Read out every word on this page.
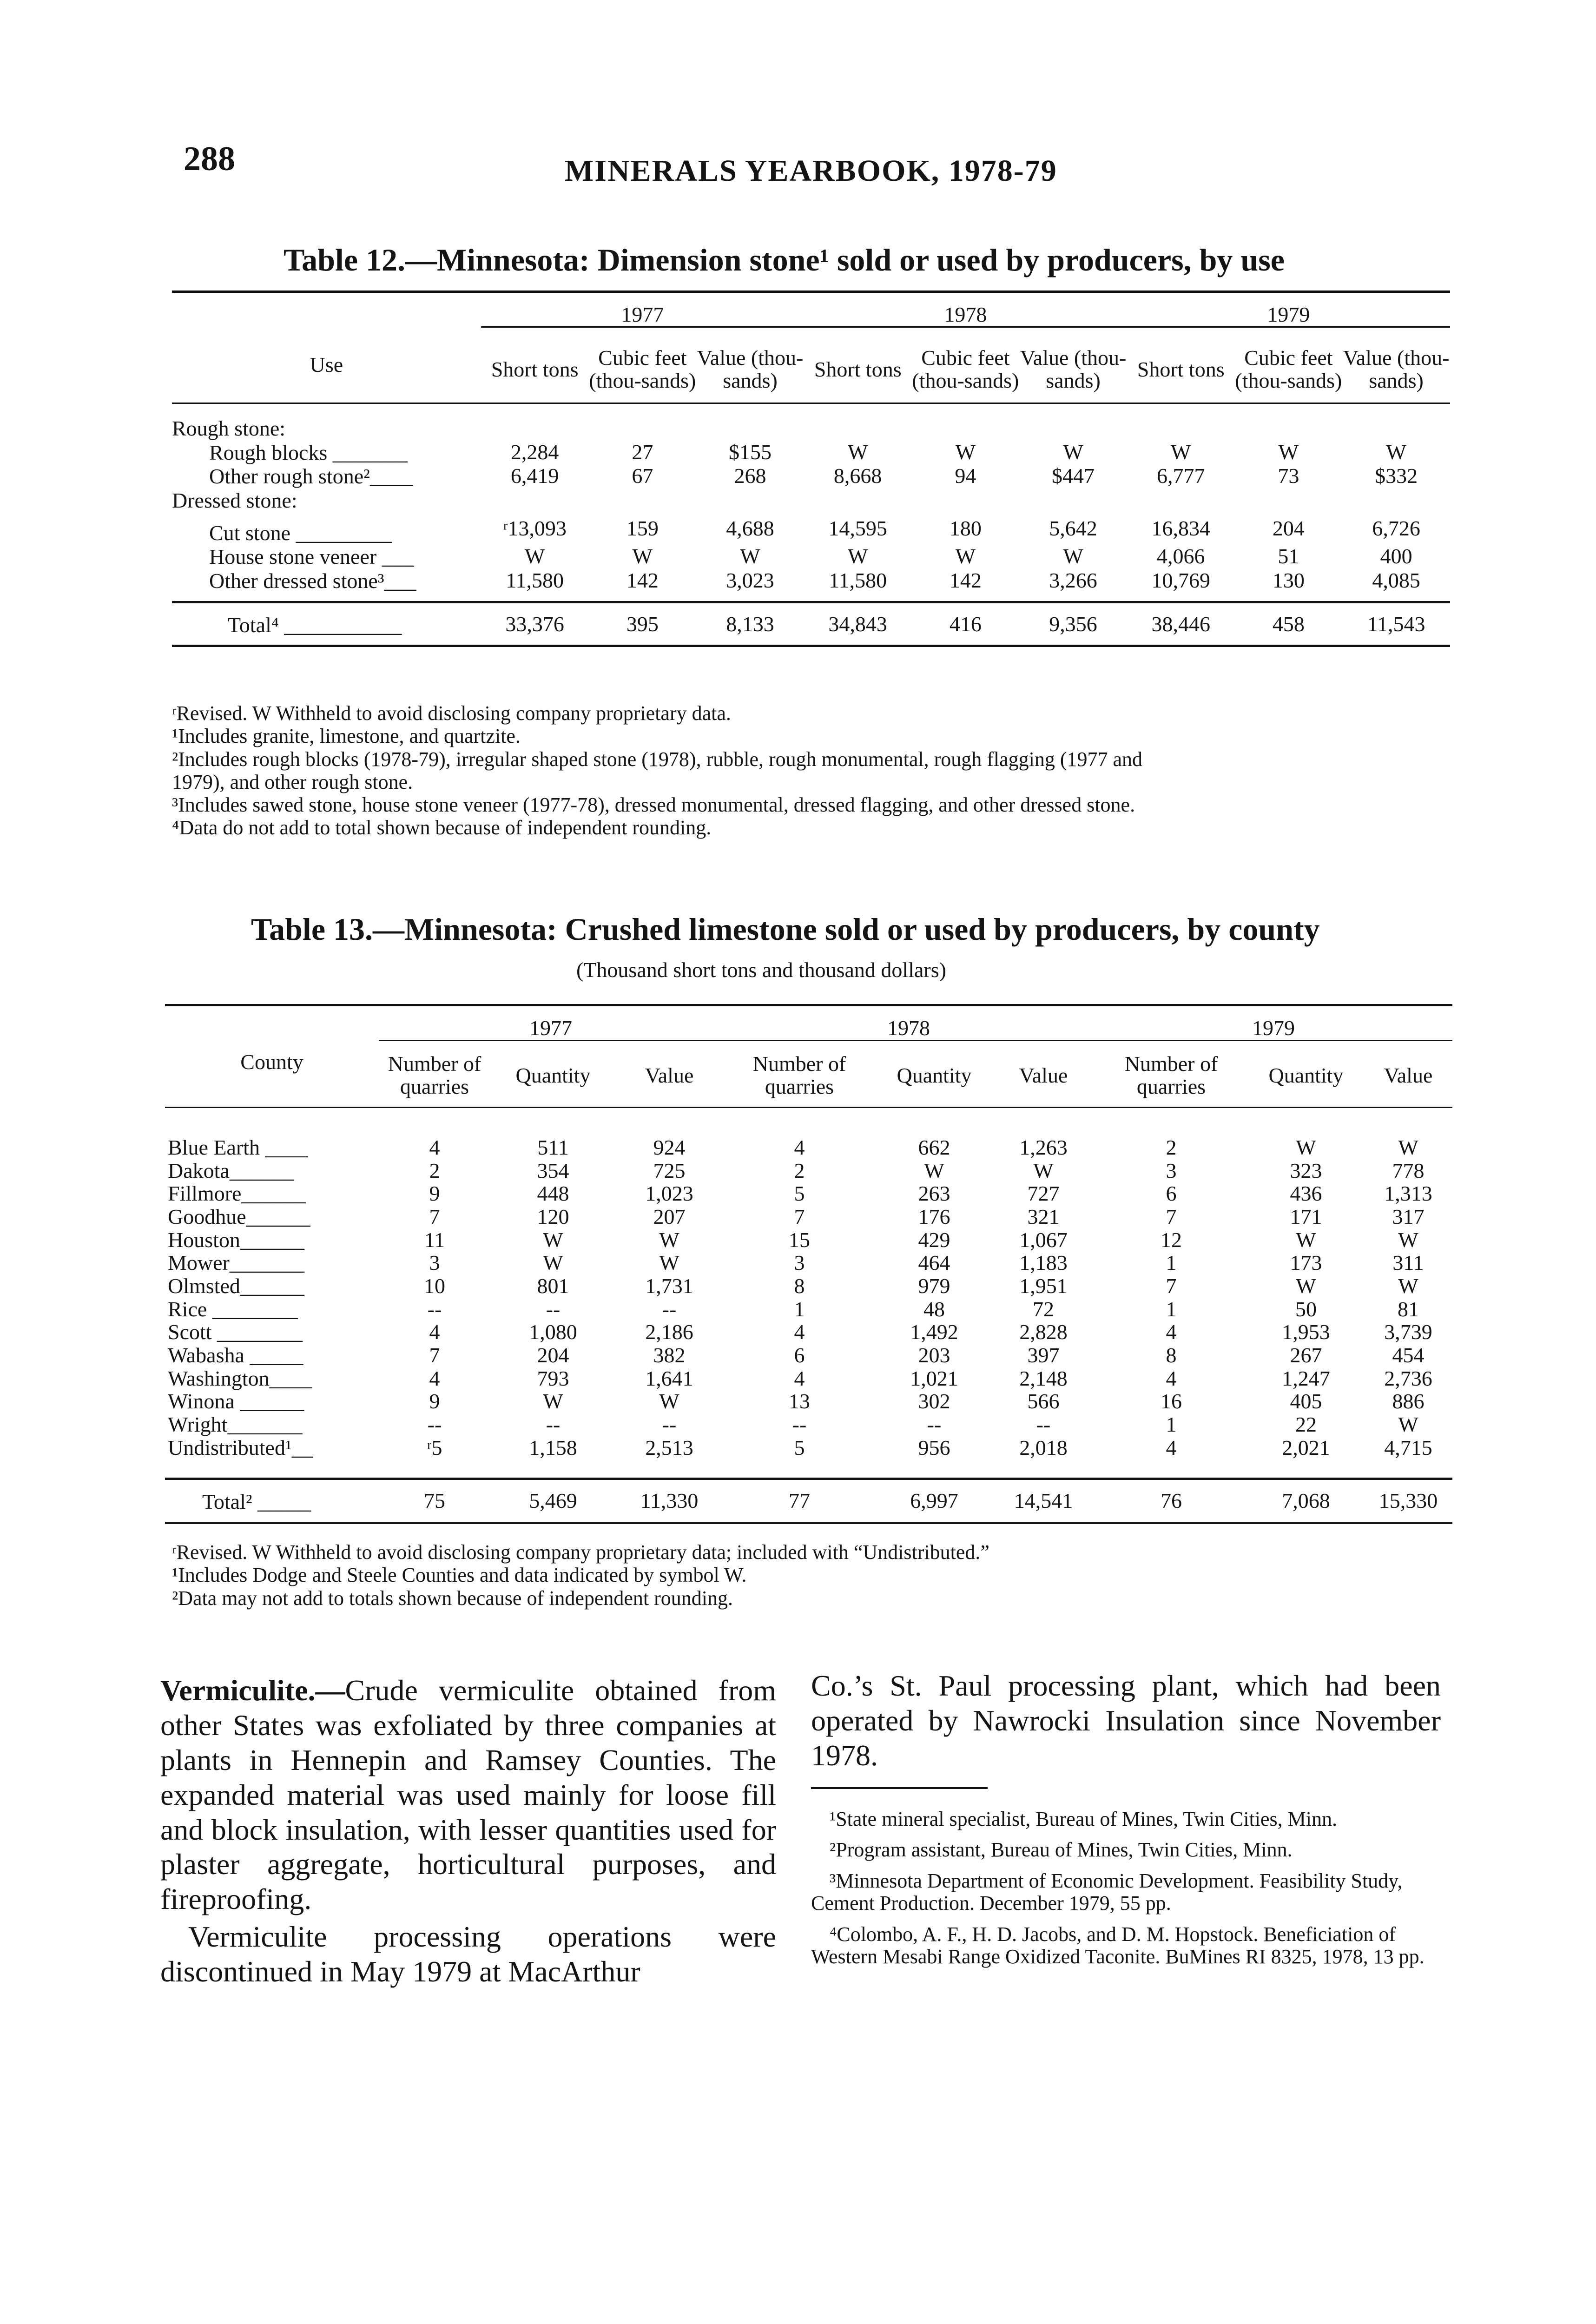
288	MINERALS YEARBOOK, 1978-79
Table 12.—Minnesota: Dimension stone¹ sold or used by producers, by use
Use	1977			1978			1979		
	Short tons	Cubic feet (thou-sands)	Value (thou-sands)	Short tons	Cubic feet (thou-sands)	Value (thou-sands)	Short tons	Cubic feet (thou-sands)	Value (thou-sands)
Rough stone:									
Rough blocks _______	2,284	27	$155	W	W	W	W	W	W
Other rough stone²____	6,419	67	268	8,668	94	$447	6,777	73	$332
Dressed stone:									
Cut stone _________	ʳ13,093	159	4,688	14,595	180	5,642	16,834	204	6,726
House stone veneer ___	W	W	W	W	W	W	4,066	51	400
Other dressed stone³___	11,580	142	3,023	11,580	142	3,266	10,769	130	4,085

Total⁴ ___________	33,376	395	8,133	34,843	416	9,356	38,446	458	11,543
ʳRevised. W Withheld to avoid disclosing company proprietary data.
¹Includes granite, limestone, and quartzite.
²Includes rough blocks (1978-79), irregular shaped stone (1978), rubble, rough monumental, rough flagging (1977 and
1979), and other rough stone.
³Includes sawed stone, house stone veneer (1977-78), dressed monumental, dressed flagging, and other dressed stone.
⁴Data do not add to total shown because of independent rounding.
Table 13.—Minnesota: Crushed limestone sold or used by producers, by county
(Thousand short tons and thousand dollars)
County	1977			1978			1979		
	Number of quarries	Quantity	Value	Number of quarries	Quantity	Value	Number of quarries	Quantity	Value
Blue Earth ____	4	511	924	4	662	1,263	2	W	W
Dakota______	2	354	725	2	W	W	3	323	778
Fillmore______	9	448	1,023	5	263	727	6	436	1,313
Goodhue______	7	120	207	7	176	321	7	171	317
Houston______	11	W	W	15	429	1,067	12	W	W
Mower_______	3	W	W	3	464	1,183	1	173	311
Olmsted______	10	801	1,731	8	979	1,951	7	W	W
Rice ________	--	--	--	1	48	72	1	50	81
Scott ________	4	1,080	2,186	4	1,492	2,828	4	1,953	3,739
Wabasha _____	7	204	382	6	203	397	8	267	454
Washington____	4	793	1,641	4	1,021	2,148	4	1,247	2,736
Winona ______	9	W	W	13	302	566	16	405	886
Wright_______	--	--	--	--	--	--	1	22	W
Undistributed¹__	ʳ5	1,158	2,513	5	956	2,018	4	2,021	4,715

Total² _____	75	5,469	11,330	77	6,997	14,541	76	7,068	15,330
ʳRevised. W Withheld to avoid disclosing company proprietary data; included with “Undistributed.”
¹Includes Dodge and Steele Counties and data indicated by symbol W.
²Data may not add to totals shown because of independent rounding.
Vermiculite.—Crude vermiculite obtained from other States was exfoliated by three companies at plants in Hennepin and Ramsey Counties. The expanded material was used mainly for loose fill and block insulation, with lesser quantities used for plaster aggregate, horticultural purposes, and fireproofing.
Vermiculite processing operations were discontinued in May 1979 at MacArthur
Co.’s St. Paul processing plant, which had been operated by Nawrocki Insulation since November 1978.
¹State mineral specialist, Bureau of Mines, Twin Cities, Minn.
²Program assistant, Bureau of Mines, Twin Cities, Minn.
³Minnesota Department of Economic Development. Feasibility Study, Cement Production. December 1979, 55 pp.
⁴Colombo, A. F., H. D. Jacobs, and D. M. Hopstock. Beneficiation of Western Mesabi Range Oxidized Taconite. BuMines RI 8325, 1978, 13 pp.
